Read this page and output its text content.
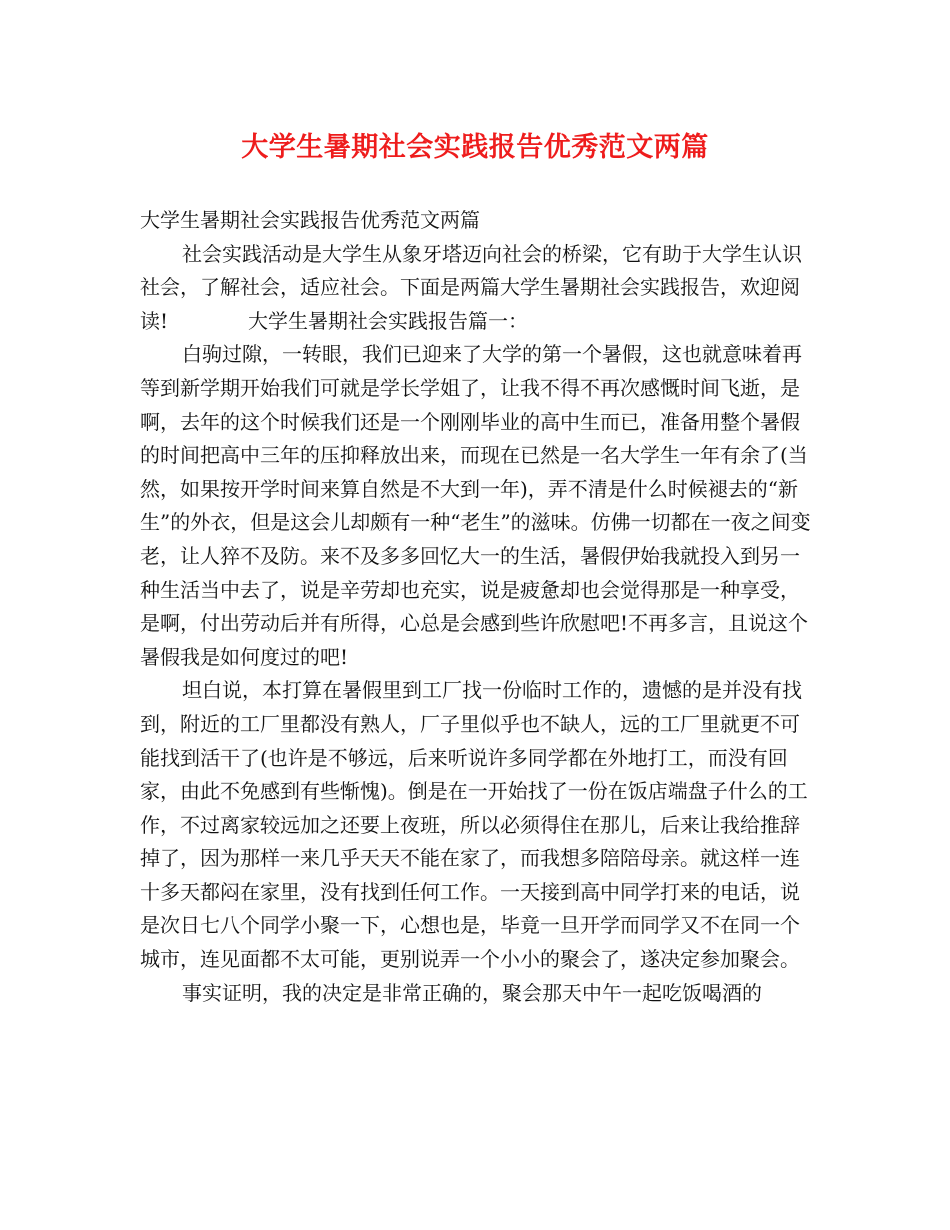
大学生暑期社会实践报告优秀范文两篇

大学生暑期社会实践报告优秀范文两篇

社会实践活动是大学生从象牙塔迈向社会的桥梁，它有助于大学生认识社会，了解社会，适应社会。下面是两篇大学生暑期社会实践报告，欢迎阅读!	大学生暑期社会实践报告篇一：

白驹过隙，一转眼，我们已迎来了大学的第一个暑假，这也就意味着再等到新学期开始我们可就是学长学姐了，让我不得不再次感慨时间飞逝，是啊，去年的这个时候我们还是一个刚刚毕业的高中生而已，准备用整个暑假的时间把高中三年的压抑释放出来，而现在已然是一名大学生一年有余了(当然，如果按开学时间来算自然是不大到一年)，弄不清是什么时候褪去的“新生”的外衣，但是这会儿却颇有一种“老生”的滋味。仿佛一切都在一夜之间变老，让人猝不及防。来不及多多回忆大一的生活，暑假伊始我就投入到另一种生活当中去了，说是辛劳却也充实，说是疲惫却也会觉得那是一种享受，是啊，付出劳动后并有所得，心总是会感到些许欣慰吧!不再多言，且说这个暑假我是如何度过的吧!

坦白说，本打算在暑假里到工厂找一份临时工作的，遗憾的是并没有找到，附近的工厂里都没有熟人，厂子里似乎也不缺人，远的工厂里就更不可能找到活干了(也许是不够远，后来听说许多同学都在外地打工，而没有回家，由此不免感到有些惭愧)。倒是在一开始找了一份在饭店端盘子什么的工作，不过离家较远加之还要上夜班，所以必须得住在那儿，后来让我给推辞掉了，因为那样一来几乎天天不能在家了，而我想多陪陪母亲。就这样一连十多天都闷在家里，没有找到任何工作。一天接到高中同学打来的电话，说是次日七八个同学小聚一下，心想也是，毕竟一旦开学而同学又不在同一个城市，连见面都不太可能，更别说弄一个小小的聚会了，遂决定参加聚会。

事实证明，我的决定是非常正确的，聚会那天中午一起吃饭喝酒的
